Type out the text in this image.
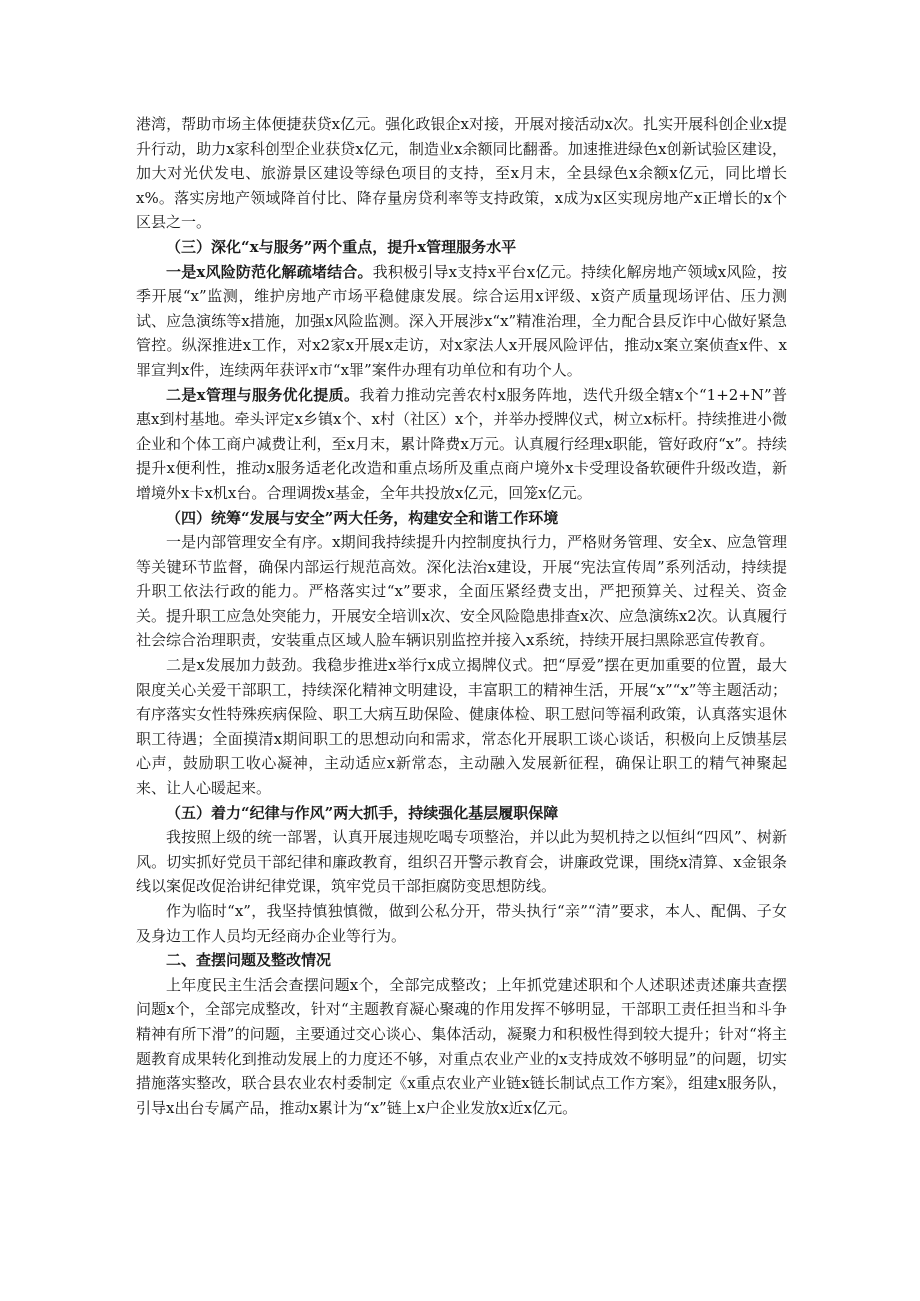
港湾，帮助市场主体便捷获贷x亿元。强化政银企x对接，开展对接活动x次。扎实开展科创企业x提升行动，助力x家科创型企业获贷x亿元，制造业x余额同比翻番。加速推进绿色x创新试验区建设，加大对光伏发电、旅游景区建设等绿色项目的支持，至x月末，全县绿色x余额x亿元，同比增长x%。落实房地产领域降首付比、降存量房贷利率等支持政策，x成为x区实现房地产x正增长的x个区县之一。

（三）深化“x与服务”两个重点，提升x管理服务水平

一是x风险防范化解疏堵结合。我积极引导x支持x平台x亿元。持续化解房地产领域x风险，按季开展“x”监测，维护房地产市场平稳健康发展。综合运用x评级、x资产质量现场评估、压力测试、应急演练等x措施，加强x风险监测。深入开展涉x“x”精准治理，全力配合县反诈中心做好紧急管控。纵深推进x工作，对x2家x开展x走访，对x家法人x开展风险评估，推动x案立案侦查x件、x罪宣判x件，连续两年获评x市“x罪”案件办理有功单位和有功个人。

二是x管理与服务优化提质。我着力推动完善农村x服务阵地，迭代升级全辖x个“1+2+N”普惠x到村基地。牵头评定x乡镇x个、x村（社区）x个，并举办授牌仪式，树立x标杆。持续推进小微企业和个体工商户减费让利，至x月末，累计降费x万元。认真履行经理x职能，管好政府“x”。持续提升x便利性，推动x服务适老化改造和重点场所及重点商户境外x卡受理设备软硬件升级改造，新增境外x卡x机x台。合理调拨x基金，全年共投放x亿元，回笼x亿元。

（四）统筹“发展与安全”两大任务，构建安全和谐工作环境

一是内部管理安全有序。x期间我持续提升内控制度执行力，严格财务管理、安全x、应急管理等关键环节监督，确保内部运行规范高效。深化法治x建设，开展“宪法宣传周”系列活动，持续提升职工依法行政的能力。严格落实过“x”要求，全面压紧经费支出，严把预算关、过程关、资金关。提升职工应急处突能力，开展安全培训x次、安全风险隐患排查x次、应急演练x2次。认真履行社会综合治理职责，安装重点区域人脸车辆识别监控并接入x系统，持续开展扫黑除恶宣传教育。

二是x发展加力鼓劲。我稳步推进x举行x成立揭牌仪式。把“厚爱”摆在更加重要的位置，最大限度关心关爱干部职工，持续深化精神文明建设，丰富职工的精神生活，开展“x”“x”等主题活动；有序落实女性特殊疾病保险、职工大病互助保险、健康体检、职工慰问等福利政策，认真落实退休职工待遇；全面摸清x期间职工的思想动向和需求，常态化开展职工谈心谈话，积极向上反馈基层心声，鼓励职工收心凝神，主动适应x新常态，主动融入发展新征程，确保让职工的精气神聚起来、让人心暖起来。

（五）着力“纪律与作风”两大抓手，持续强化基层履职保障

我按照上级的统一部署，认真开展违规吃喝专项整治，并以此为契机持之以恒纠“四风”、树新风。切实抓好党员干部纪律和廉政教育，组织召开警示教育会，讲廉政党课，围绕x清算、x金银条线以案促改促治讲纪律党课，筑牢党员干部拒腐防变思想防线。

作为临时“x”，我坚持慎独慎微，做到公私分开，带头执行“亲”“清”要求，本人、配偶、子女及身边工作人员均无经商办企业等行为。

二、查摆问题及整改情况

上年度民主生活会查摆问题x个，全部完成整改；上年抓党建述职和个人述职述责述廉共查摆问题x个，全部完成整改，针对“主题教育凝心聚魂的作用发挥不够明显，干部职工责任担当和斗争精神有所下滑”的问题，主要通过交心谈心、集体活动，凝聚力和积极性得到较大提升；针对“将主题教育成果转化到推动发展上的力度还不够，对重点农业产业的x支持成效不够明显”的问题，切实措施落实整改，联合县农业农村委制定《x重点农业产业链x链长制试点工作方案》，组建x服务队，引导x出台专属产品，推动x累计为“x”链上x户企业发放x近x亿元。
